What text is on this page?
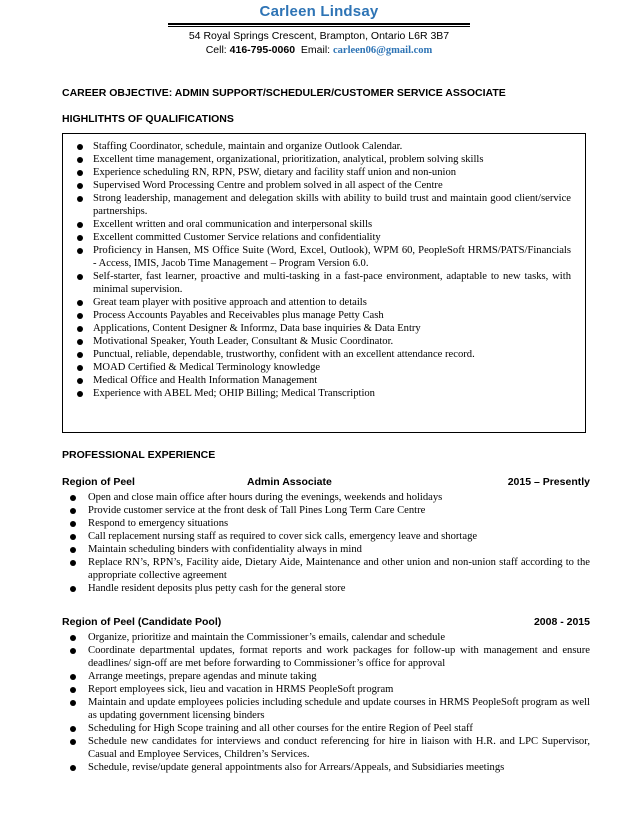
Carleen Lindsay
54 Royal Springs Crescent, Brampton, Ontario L6R 3B7
Cell: 416-795-0060 Email: carleen06@gmail.com
CAREER OBJECTIVE: ADMIN SUPPORT/SCHEDULER/CUSTOMER SERVICE ASSOCIATE
HIGHLITHTS OF QUALIFICATIONS
Staffing Coordinator, schedule, maintain and organize Outlook Calendar.
Excellent time management, organizational, prioritization, analytical, problem solving skills
Experience scheduling RN, RPN, PSW, dietary and facility staff union and non-union
Supervised Word Processing Centre and problem solved in all aspect of the Centre
Strong leadership, management and delegation skills with ability to build trust and maintain good client/service partnerships.
Excellent written and oral communication and interpersonal skills
Excellent committed Customer Service relations and confidentiality
Proficiency in Hansen, MS Office Suite (Word, Excel, Outlook), WPM 60, PeopleSoft HRMS/PATS/Financials - Access, IMIS, Jacob Time Management – Program Version 6.0.
Self-starter, fast learner, proactive and multi-tasking in a fast-pace environment, adaptable to new tasks, with minimal supervision.
Great team player with positive approach and attention to details
Process Accounts Payables and Receivables plus manage Petty Cash
Applications, Content Designer & Informz, Data base inquiries & Data Entry
Motivational Speaker, Youth Leader, Consultant & Music Coordinator.
Punctual, reliable, dependable, trustworthy, confident with an excellent attendance record.
MOAD Certified & Medical Terminology knowledge
Medical Office and Health Information Management
Experience with ABEL Med; OHIP Billing; Medical Transcription
PROFESSIONAL EXPERIENCE
Region of Peel	Admin Associate	2015 – Presently
Open and close main office after hours during the evenings, weekends and holidays
Provide customer service at the front desk of Tall Pines Long Term Care Centre
Respond to emergency situations
Call replacement nursing staff as required to cover sick calls, emergency leave and shortage
Maintain scheduling binders with confidentiality always in mind
Replace RN’s, RPN’s, Facility aide, Dietary Aide, Maintenance and other union and non-union staff according to the appropriate collective agreement
Handle resident deposits plus petty cash for the general store
Region of Peel (Candidate Pool)	2008 - 2015
Organize, prioritize and maintain the Commissioner’s emails, calendar and schedule
Coordinate departmental updates, format reports and work packages for follow-up with management and ensure deadlines/ sign-off are met before forwarding to Commissioner’s office for approval
Arrange meetings, prepare agendas and minute taking
Report employees sick, lieu and vacation in HRMS PeopleSoft program
Maintain and update employees policies including schedule and update courses in HRMS PeopleSoft program as well as updating government licensing binders
Scheduling for High Scope training and all other courses for the entire Region of Peel staff
Schedule new candidates for interviews and conduct referencing for hire in liaison with H.R. and LPC Supervisor, Casual and Employee Services, Children’s Services.
Schedule, revise/update general appointments also for Arrears/Appeals, and Subsidiaries meetings
